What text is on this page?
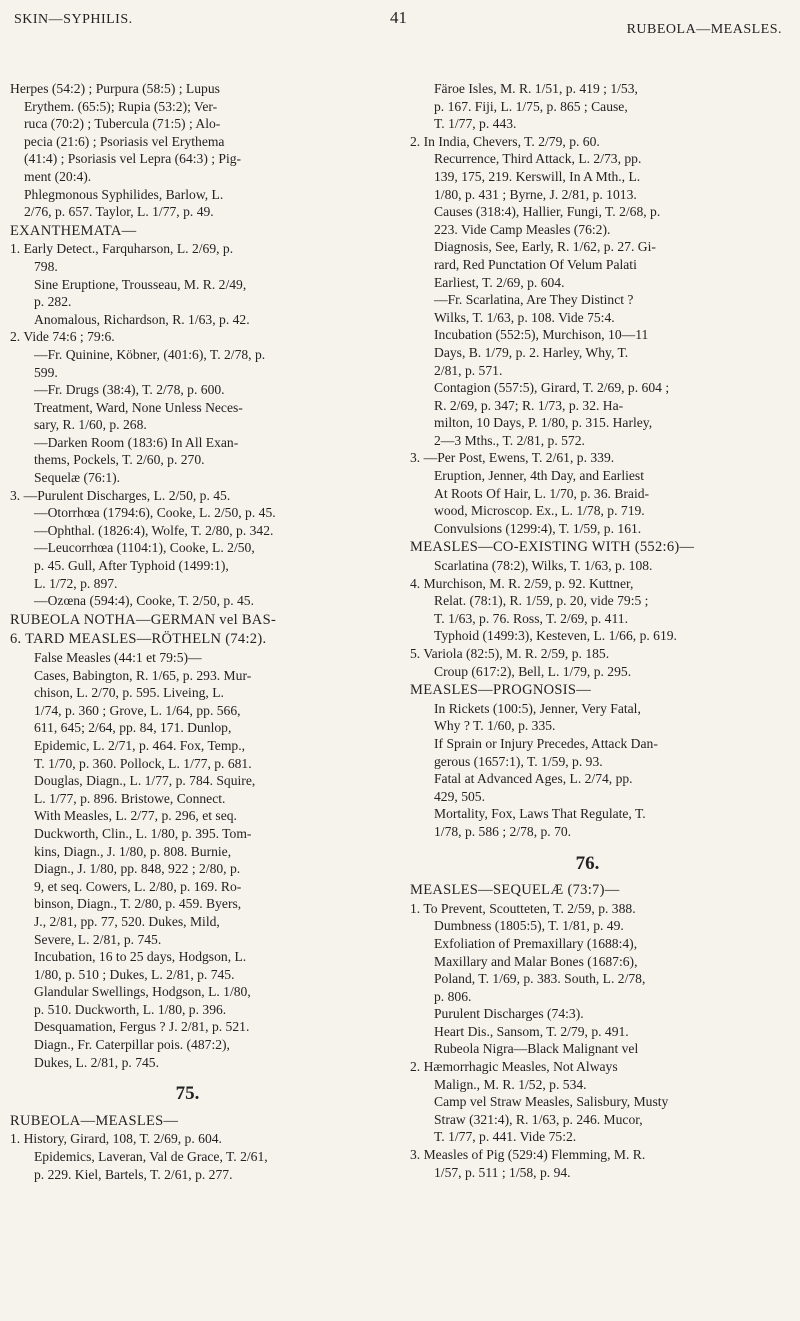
SKIN—SYPHILIS.	41
RUBEOLA—MEASLES.
Herpes (54:2) ; Purpura (58:5) ; Lupus
Erythem. (65:5); Rupia (53:2); Ver-
ruca (70:2) ; Tubercula (71:5) ; Alo-
pecia (21:6) ; Psoriasis vel Erythema
(41:4) ; Psoriasis vel Lepra (64:3) ; Pig-
ment (20:4).
Phlegmonous Syphilides, Barlow, L.
2/76, p. 657. Taylor, L. 1/77, p. 49.
EXANTHEMATA—
1. Early Detect., Farquharson, L. 2/69, p.
798.
Sine Eruptione, Trousseau, M. R. 2/49,
p. 282.
Anomalous, Richardson, R. 1/63, p. 42.
2. Vide 74:6 ; 79:6.
—Fr. Quinine, Köbner, (401:6), T. 2/78, p.
599.
—Fr. Drugs (38:4), T. 2/78, p. 600.
Treatment, Ward, None Unless Neces-
sary, R. 1/60, p. 268.
—Darken Room (183:6) In All Exan-
thems, Pockels, T. 2/60, p. 270.
Sequelæ (76:1).
3. —Purulent Discharges, L. 2/50, p. 45.
—Otorrhœa (1794:6), Cooke, L. 2/50, p. 45.
—Ophthal. (1826:4), Wolfe, T. 2/80, p. 342.
—Leucorrhœa (1104:1), Cooke, L. 2/50,
p. 45. Gull, After Typhoid (1499:1),
L. 1/72, p. 897.
—Ozœna (594:4), Cooke, T. 2/50, p. 45.
RUBEOLA NOTHA—GERMAN vel BAS-
6. TARD MEASLES—RÖTHELN (74:2).
False Measles (44:1 et 79:5)—
Cases, Babington, R. 1/65, p. 293. Mur-
chison, L. 2/70, p. 595. Liveing, L.
1/74, p. 360 ; Grove, L. 1/64, pp. 566,
611, 645; 2/64, pp. 84, 171. Dunlop,
Epidemic, L. 2/71, p. 464. Fox, Temp.,
T. 1/70, p. 360. Pollock, L. 1/77, p. 681.
Douglas, Diagn., L. 1/77, p. 784. Squire,
L. 1/77, p. 896. Bristowe, Connect.
With Measles, L. 2/77, p. 296, et seq.
Duckworth, Clin., L. 1/80, p. 395. Tom-
kins, Diagn., J. 1/80, p. 808. Burnie,
Diagn., J. 1/80, pp. 848, 922 ; 2/80, p.
9, et seq. Cowers, L. 2/80, p. 169. Ro-
binson, Diagn., T. 2/80, p. 459. Byers,
J., 2/81, pp. 77, 520. Dukes, Mild,
Severe, L. 2/81, p. 745.
Incubation, 16 to 25 days, Hodgson, L.
1/80, p. 510 ; Dukes, L. 2/81, p. 745.
Glandular Swellings, Hodgson, L. 1/80,
p. 510. Duckworth, L. 1/80, p. 396.
Desquamation, Fergus ? J. 2/81, p. 521.
Diagn., Fr. Caterpillar pois. (487:2),
Dukes, L. 2/81, p. 745.
75.
RUBEOLA—MEASLES—
1. History, Girard, 108, T. 2/69, p. 604.
Epidemics, Laveran, Val de Grace, T. 2/61,
p. 229. Kiel, Bartels, T. 2/61, p. 277.
Färoe Isles, M. R. 1/51, p. 419 ; 1/53,
p. 167. Fiji, L. 1/75, p. 865 ; Cause,
T. 1/77, p. 443.
2. In India, Chevers, T. 2/79, p. 60.
Recurrence, Third Attack, L. 2/73, pp.
139, 175, 219. Kerswill, In A Mth., L.
1/80, p. 431 ; Byrne, J. 2/81, p. 1013.
Causes (318:4), Hallier, Fungi, T. 2/68, p.
223. Vide Camp Measles (76:2).
Diagnosis, See, Early, R. 1/62, p. 27. Gi-
rard, Red Punctation Of Velum Palati
Earliest, T. 2/69, p. 604.
—Fr. Scarlatina, Are They Distinct ?
Wilks, T. 1/63, p. 108. Vide 75:4.
Incubation (552:5), Murchison, 10—11
Days, B. 1/79, p. 2. Harley, Why, T.
2/81, p. 571.
Contagion (557:5), Girard, T. 2/69, p. 604 ;
R. 2/69, p. 347; R. 1/73, p. 32. Ha-
milton, 10 Days, P. 1/80, p. 315. Harley,
2—3 Mths., T. 2/81, p. 572.
3. —Per Post, Ewens, T. 2/61, p. 339.
Eruption, Jenner, 4th Day, and Earliest
At Roots Of Hair, L. 1/70, p. 36. Braid-
wood, Microscop. Ex., L. 1/78, p. 719.
Convulsions (1299:4), T. 1/59, p. 161.
MEASLES—CO-EXISTING WITH (552:6)—
Scarlatina (78:2), Wilks, T. 1/63, p. 108.
4. Murchison, M. R. 2/59, p. 92. Kuttner,
Relat. (78:1), R. 1/59, p. 20, vide 79:5 ;
T. 1/63, p. 76. Ross, T. 2/69, p. 411.
Typhoid (1499:3), Kesteven, L. 1/66, p. 619.
5. Variola (82:5), M. R. 2/59, p. 185.
Croup (617:2), Bell, L. 1/79, p. 295.
MEASLES—PROGNOSIS—
In Rickets (100:5), Jenner, Very Fatal,
Why ? T. 1/60, p. 335.
If Sprain or Injury Precedes, Attack Dan-
gerous (1657:1), T. 1/59, p. 93.
Fatal at Advanced Ages, L. 2/74, pp.
429, 505.
Mortality, Fox, Laws That Regulate, T.
1/78, p. 586 ; 2/78, p. 70.
76.
MEASLES—SEQUELÆ (73:7)—
1. To Prevent, Scoutteten, T. 2/59, p. 388.
Dumbness (1805:5), T. 1/81, p. 49.
Exfoliation of Premaxillary (1688:4),
Maxillary and Malar Bones (1687:6),
Poland, T. 1/69, p. 383. South, L. 2/78,
p. 806.
Purulent Discharges (74:3).
Heart Dis., Sansom, T. 2/79, p. 491.
Rubeola Nigra—Black Malignant vel
2. Hæmorrhagic Measles, Not Always
Malign., M. R. 1/52, p. 534.
Camp vel Straw Measles, Salisbury, Musty
Straw (321:4), R. 1/63, p. 246. Mucor,
T. 1/77, p. 441. Vide 75:2.
3. Measles of Pig (529:4) Flemming, M. R.
1/57, p. 511 ; 1/58, p. 94.
